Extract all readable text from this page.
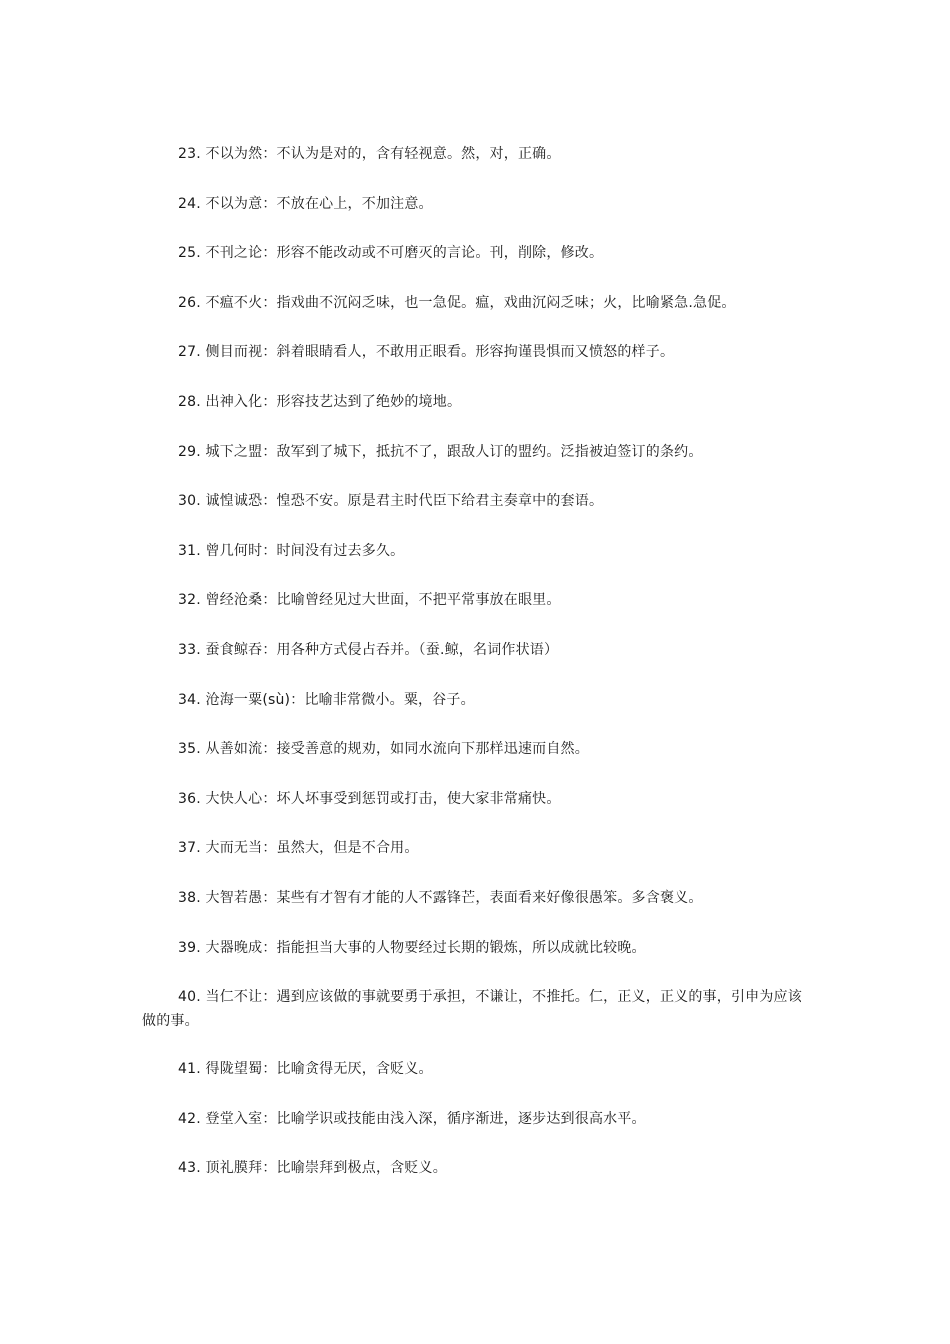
23. 不以为然：不认为是对的，含有轻视意。然，对，正确。

24. 不以为意：不放在心上，不加注意。

25. 不刊之论：形容不能改动或不可磨灭的言论。刊，削除，修改。

26. 不瘟不火：指戏曲不沉闷乏味，也一急促。瘟，戏曲沉闷乏味；火，比喻紧急.急促。

27. 侧目而视：斜着眼睛看人，不敢用正眼看。形容拘谨畏惧而又愤怒的样子。

28. 出神入化：形容技艺达到了绝妙的境地。

29. 城下之盟：敌军到了城下，抵抗不了，跟敌人订的盟约。泛指被迫签订的条约。

30. 诚惶诚恐：惶恐不安。原是君主时代臣下给君主奏章中的套语。

31. 曾几何时：时间没有过去多久。

32. 曾经沧桑：比喻曾经见过大世面，不把平常事放在眼里。

33. 蚕食鲸吞：用各种方式侵占吞并。（蚕.鲸，名词作状语）

34. 沧海一粟(sù)：比喻非常微小。粟，谷子。

35. 从善如流：接受善意的规劝，如同水流向下那样迅速而自然。

36. 大快人心：坏人坏事受到惩罚或打击，使大家非常痛快。

37. 大而无当：虽然大，但是不合用。

38. 大智若愚：某些有才智有才能的人不露锋芒，表面看来好像很愚笨。多含褒义。

39. 大器晚成：指能担当大事的人物要经过长期的锻炼，所以成就比较晚。

40. 当仁不让：遇到应该做的事就要勇于承担，不谦让，不推托。仁，正义，正义的事，引申为应该做的事。

41. 得陇望蜀：比喻贪得无厌，含贬义。

42. 登堂入室：比喻学识或技能由浅入深，循序渐进，逐步达到很高水平。

43. 顶礼膜拜：比喻崇拜到极点，含贬义。
